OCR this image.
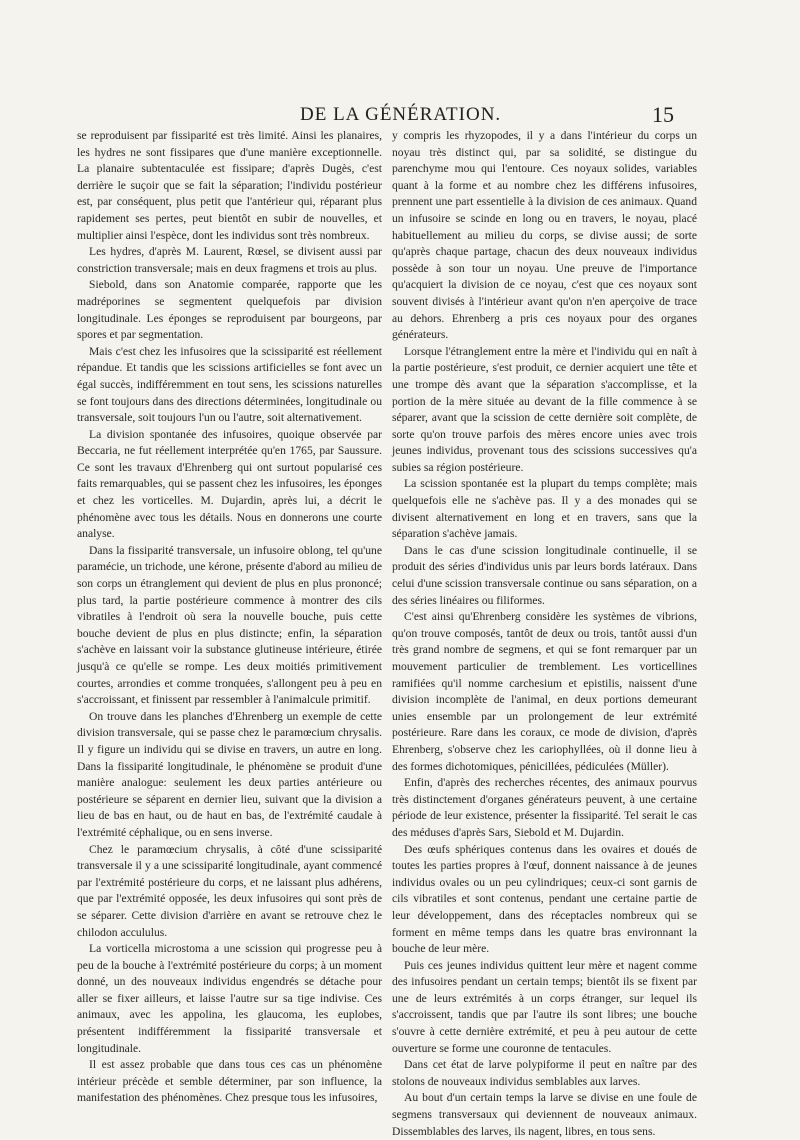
DE LA GÉNÉRATION.	15

se reproduisent par fissiparité est très limité. Ainsi les planaires, les hydres ne sont fissipares que d'une manière exceptionnelle. La planaire subtentaculée est fissipare; d'après Dugès, c'est derrière le suçoir que se fait la séparation; l'individu postérieur est, par conséquent, plus petit que l'antérieur qui, réparant plus rapidement ses pertes, peut bientôt en subir de nouvelles, et multiplier ainsi l'espèce, dont les individus sont très nombreux.

Les hydres, d'après M. Laurent, Rœsel, se divisent aussi par constriction transversale; mais en deux fragmens et trois au plus.

Siebold, dans son Anatomie comparée, rapporte que les madréporines se segmentent quelquefois par division longitudinale. Les éponges se reproduisent par bourgeons, par spores et par segmentation.

Mais c'est chez les infusoires que la scissiparité est réellement répandue. Et tandis que les scissions artificielles se font avec un égal succès, indifféremment en tout sens, les scissions naturelles se font toujours dans des directions déterminées, longitudinale ou transversale, soit toujours l'un ou l'autre, soit alternativement.

La division spontanée des infusoires, quoique observée par Beccaria, ne fut réellement interprétée qu'en 1765, par Saussure. Ce sont les travaux d'Ehrenberg qui ont surtout popularisé ces faits remarquables, qui se passent chez les infusoires, les éponges et chez les vorticelles. M. Dujardin, après lui, a décrit le phénomène avec tous les détails. Nous en donnerons une courte analyse.

Dans la fissiparité transversale, un infusoire oblong, tel qu'une paramécie, un trichode, une kérone, présente d'abord au milieu de son corps un étranglement qui devient de plus en plus prononcé; plus tard, la partie postérieure commence à montrer des cils vibratiles à l'endroit où sera la nouvelle bouche, puis cette bouche devient de plus en plus distincte; enfin, la séparation s'achève en laissant voir la substance glutineuse intérieure, étirée jusqu'à ce qu'elle se rompe. Les deux moitiés primitivement courtes, arrondies et comme tronquées, s'allongent peu à peu en s'accroissant, et finissent par ressembler à l'animalcule primitif.

On trouve dans les planches d'Ehrenberg un exemple de cette division transversale, qui se passe chez le paramœcium chrysalis. Il y figure un individu qui se divise en travers, un autre en long. Dans la fissiparité longitudinale, le phénomène se produit d'une manière analogue: seulement les deux parties antérieure ou postérieure se séparent en dernier lieu, suivant que la division a lieu de bas en haut, ou de haut en bas, de l'extrémité caudale à l'extrémité céphalique, ou en sens inverse.

Chez le paramœcium chrysalis, à côté d'une scissiparité transversale il y a une scissiparité longitudinale, ayant commencé par l'extrémité postérieure du corps, et ne laissant plus adhérens, que par l'extrémité opposée, les deux infusoires qui sont près de se séparer. Cette division d'arrière en avant se retrouve chez le chilodon accululus.

La vorticella microstoma a une scission qui progresse peu à peu de la bouche à l'extrémité postérieure du corps; à un moment donné, un des nouveaux individus engendrés se détache pour aller se fixer ailleurs, et laisse l'autre sur sa tige indivise. Ces animaux, avec les appolina, les glaucoma, les euplobes, présentent indifféremment la fissiparité transversale et longitudinale.

Il est assez probable que dans tous ces cas un phénomène intérieur précède et semble déterminer, par son influence, la manifestation des phénomènes. Chez presque tous les infusoires,

y compris les rhyzopodes, il y a dans l'intérieur du corps un noyau très distinct qui, par sa solidité, se distingue du parenchyme mou qui l'entoure. Ces noyaux solides, variables quant à la forme et au nombre chez les différens infusoires, prennent une part essentielle à la division de ces animaux. Quand un infusoire se scinde en long ou en travers, le noyau, placé habituellement au milieu du corps, se divise aussi; de sorte qu'après chaque partage, chacun des deux nouveaux individus possède à son tour un noyau. Une preuve de l'importance qu'acquiert la division de ce noyau, c'est que ces noyaux sont souvent divisés à l'intérieur avant qu'on n'en aperçoive de trace au dehors. Ehrenberg a pris ces noyaux pour des organes générateurs.

Lorsque l'étranglement entre la mère et l'individu qui en naît à la partie postérieure, s'est produit, ce dernier acquiert une tête et une trompe dès avant que la séparation s'accomplisse, et la portion de la mère située au devant de la fille commence à se séparer, avant que la scission de cette dernière soit complète, de sorte qu'on trouve parfois des mères encore unies avec trois jeunes individus, provenant tous des scissions successives qu'a subies sa région postérieure.

La scission spontanée est la plupart du temps complète; mais quelquefois elle ne s'achève pas. Il y a des monades qui se divisent alternativement en long et en travers, sans que la séparation s'achève jamais.

Dans le cas d'une scission longitudinale continuelle, il se produit des séries d'individus unis par leurs bords latéraux. Dans celui d'une scission transversale continue ou sans séparation, on a des séries linéaires ou filiformes.

C'est ainsi qu'Ehrenberg considère les systèmes de vibrions, qu'on trouve composés, tantôt de deux ou trois, tantôt aussi d'un très grand nombre de segmens, et qui se font remarquer par un mouvement particulier de tremblement. Les vorticellines ramifiées qu'il nomme carchesium et epistilis, naissent d'une division incomplète de l'animal, en deux portions demeurant unies ensemble par un prolongement de leur extrémité postérieure. Rare dans les coraux, ce mode de division, d'après Ehrenberg, s'observe chez les cariophyllées, où il donne lieu à des formes dichotomiques, pénicillées, pédiculées (Müller).

Enfin, d'après des recherches récentes, des animaux pourvus très distinctement d'organes générateurs peuvent, à une certaine période de leur existence, présenter la fissiparité. Tel serait le cas des méduses d'après Sars, Siebold et M. Dujardin.

Des œufs sphériques contenus dans les ovaires et doués de toutes les parties propres à l'œuf, donnent naissance à de jeunes individus ovales ou un peu cylindriques; ceux-ci sont garnis de cils vibratiles et sont contenus, pendant une certaine partie de leur développement, dans des réceptacles nombreux qui se forment en même temps dans les quatre bras environnant la bouche de leur mère.

Puis ces jeunes individus quittent leur mère et nagent comme des infusoires pendant un certain temps; bientôt ils se fixent par une de leurs extrémités à un corps étranger, sur lequel ils s'accroissent, tandis que par l'autre ils sont libres; une bouche s'ouvre à cette dernière extrémité, et peu à peu autour de cette ouverture se forme une couronne de tentacules.

Dans cet état de larve polypiforme il peut en naître par des stolons de nouveaux individus semblables aux larves.

Au bout d'un certain temps la larve se divise en une foule de segmens transversaux qui deviennent de nouveaux animaux. Dissemblables des larves, ils nagent, libres, en tous sens.
